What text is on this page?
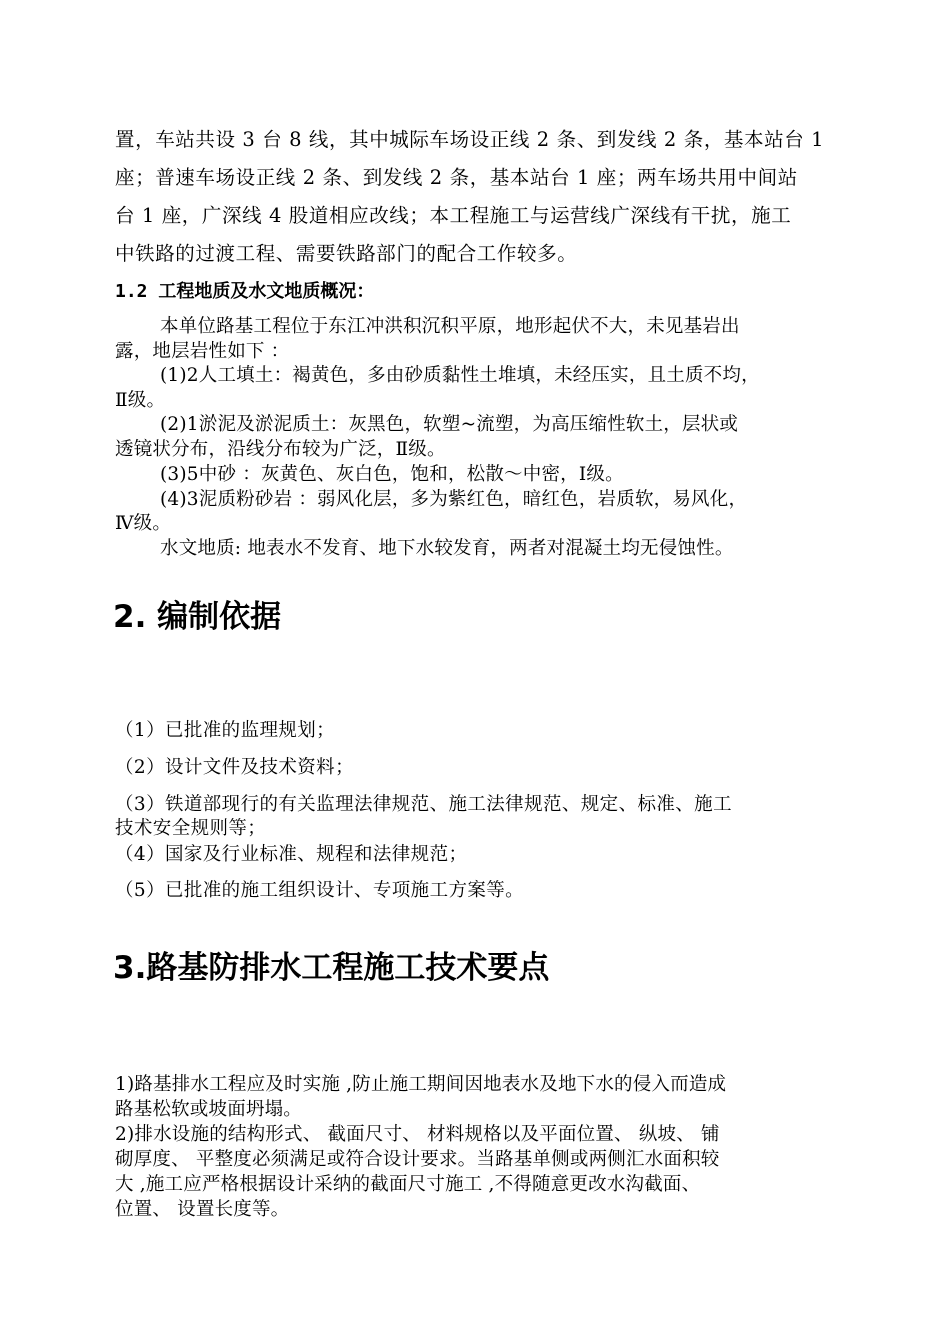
置，车站共设 3 台 8 线，其中城际车场设正线 2 条、到发线 2 条，基本站台 1
座；普速车场设正线 2 条、到发线 2 条，基本站台 1 座；两车场共用中间站
台 1 座，广深线 4 股道相应改线；本工程施工与运营线广深线有干扰，施工
中铁路的过渡工程、需要铁路部门的配合工作较多。
1.2 工程地质及水文地质概况：
本单位路基工程位于东江冲洪积沉积平原，地形起伏不大，未见基岩出
露，地层岩性如下 ：
(1)2人工填土：褐黄色，多由砂质黏性土堆填，未经压实，且土质不均，
Ⅱ级。
(2)1淤泥及淤泥质土：灰黑色，软塑~流塑，为高压缩性软土，层状或
透镜状分布，沿线分布较为广泛，Ⅱ级。
(3)5中砂 ：灰黄色、灰白色，饱和，松散～中密，Ⅰ级。
(4)3泥质粉砂岩 ：弱风化层，多为紫红色，暗红色，岩质软，易风化，
Ⅳ级。
水文地质: 地表水不发育、地下水较发育，两者对混凝土均无侵蚀性。
2. 编制依据
（1）已批准的监理规划；
（2）设计文件及技术资料；
（3）铁道部现行的有关监理法律规范、施工法律规范、规定、标准、施工
技术安全规则等；
（4）国家及行业标准、规程和法律规范；
（5）已批准的施工组织设计、专项施工方案等。
3.路基防排水工程施工技术要点
1)路基排水工程应及时实施 ,防止施工期间因地表水及地下水的侵入而造成
路基松软或坡面坍塌。
2)排水设施的结构形式、 截面尺寸、 材料规格以及平面位置、 纵坡、 铺
砌厚度、 平整度必须满足或符合设计要求。当路基单侧或两侧汇水面积较
大 ,施工应严格根据设计采纳的截面尺寸施工 ,不得随意更改水沟截面、
位置、 设置长度等。
